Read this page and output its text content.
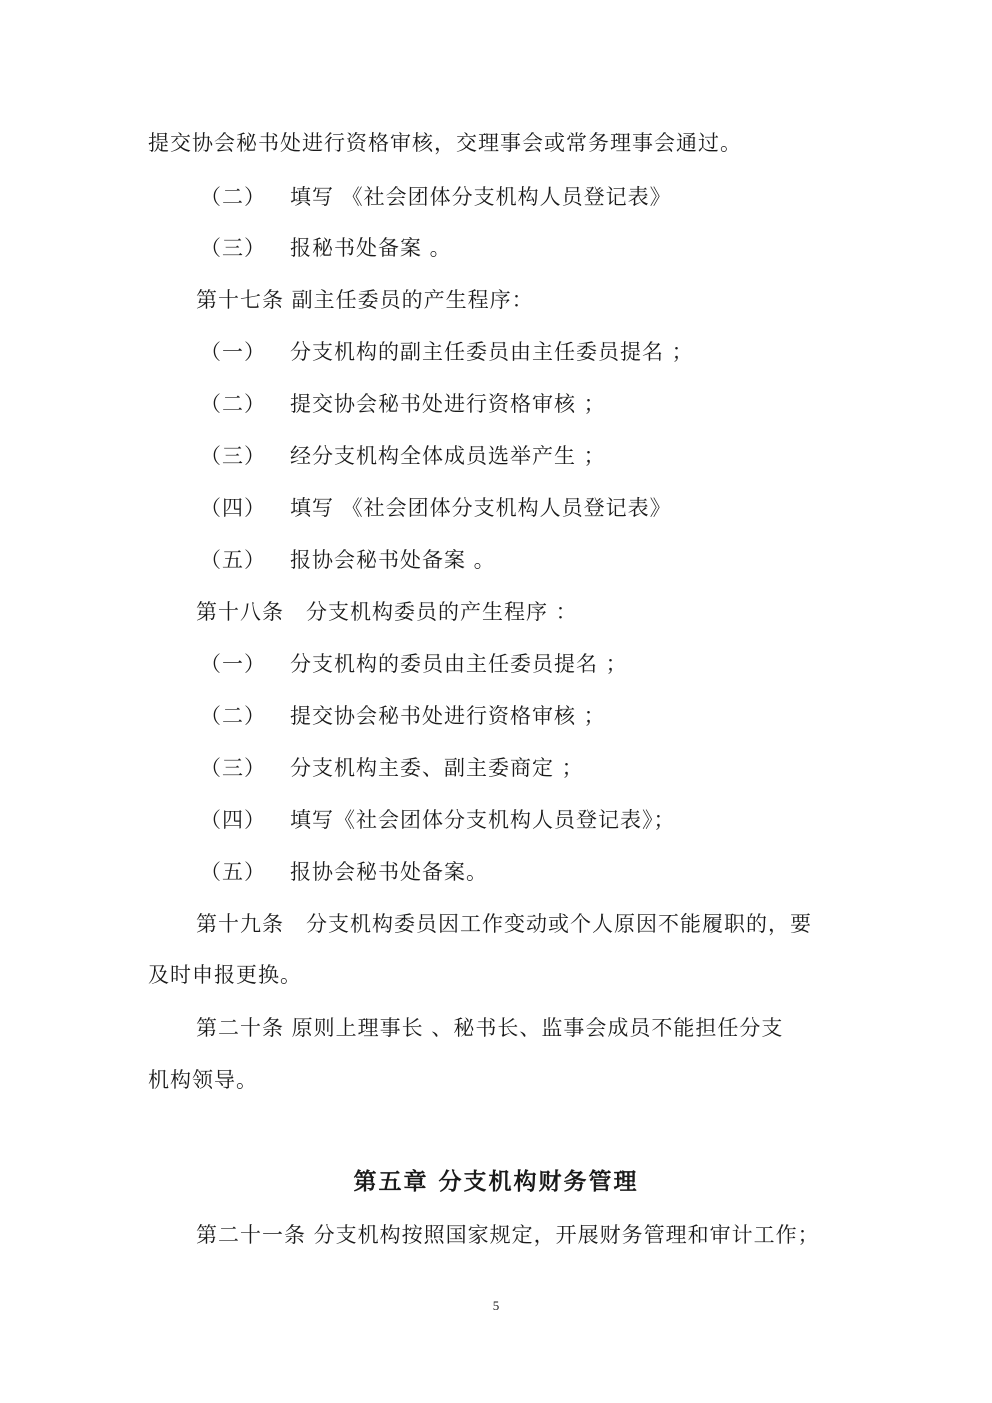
提交协会秘书处进行资格审核，交理事会或常务理事会通过。
（二） 填写 《社会团体分支机构人员登记表》
（三） 报秘书处备案 。
第十七条 副主任委员的产生程序：
（一） 分支机构的副主任委员由主任委员提名 ；
（二） 提交协会秘书处进行资格审核 ；
（三） 经分支机构全体成员选举产生 ；
（四） 填写 《社会团体分支机构人员登记表》
（五） 报协会秘书处备案 。
第十八条　分支机构委员的产生程序 ：
（一） 分支机构的委员由主任委员提名 ；
（二） 提交协会秘书处进行资格审核 ；
（三） 分支机构主委、副主委商定 ；
（四） 填写《社会团体分支机构人员登记表》；
（五） 报协会秘书处备案。
第十九条　分支机构委员因工作变动或个人原因不能履职的，要
及时申报更换。
第二十条 原则上理事长 、秘书长、监事会成员不能担任分支
机构领导。
第五章 分支机构财务管理
第二十一条 分支机构按照国家规定，开展财务管理和审计工作；
5
